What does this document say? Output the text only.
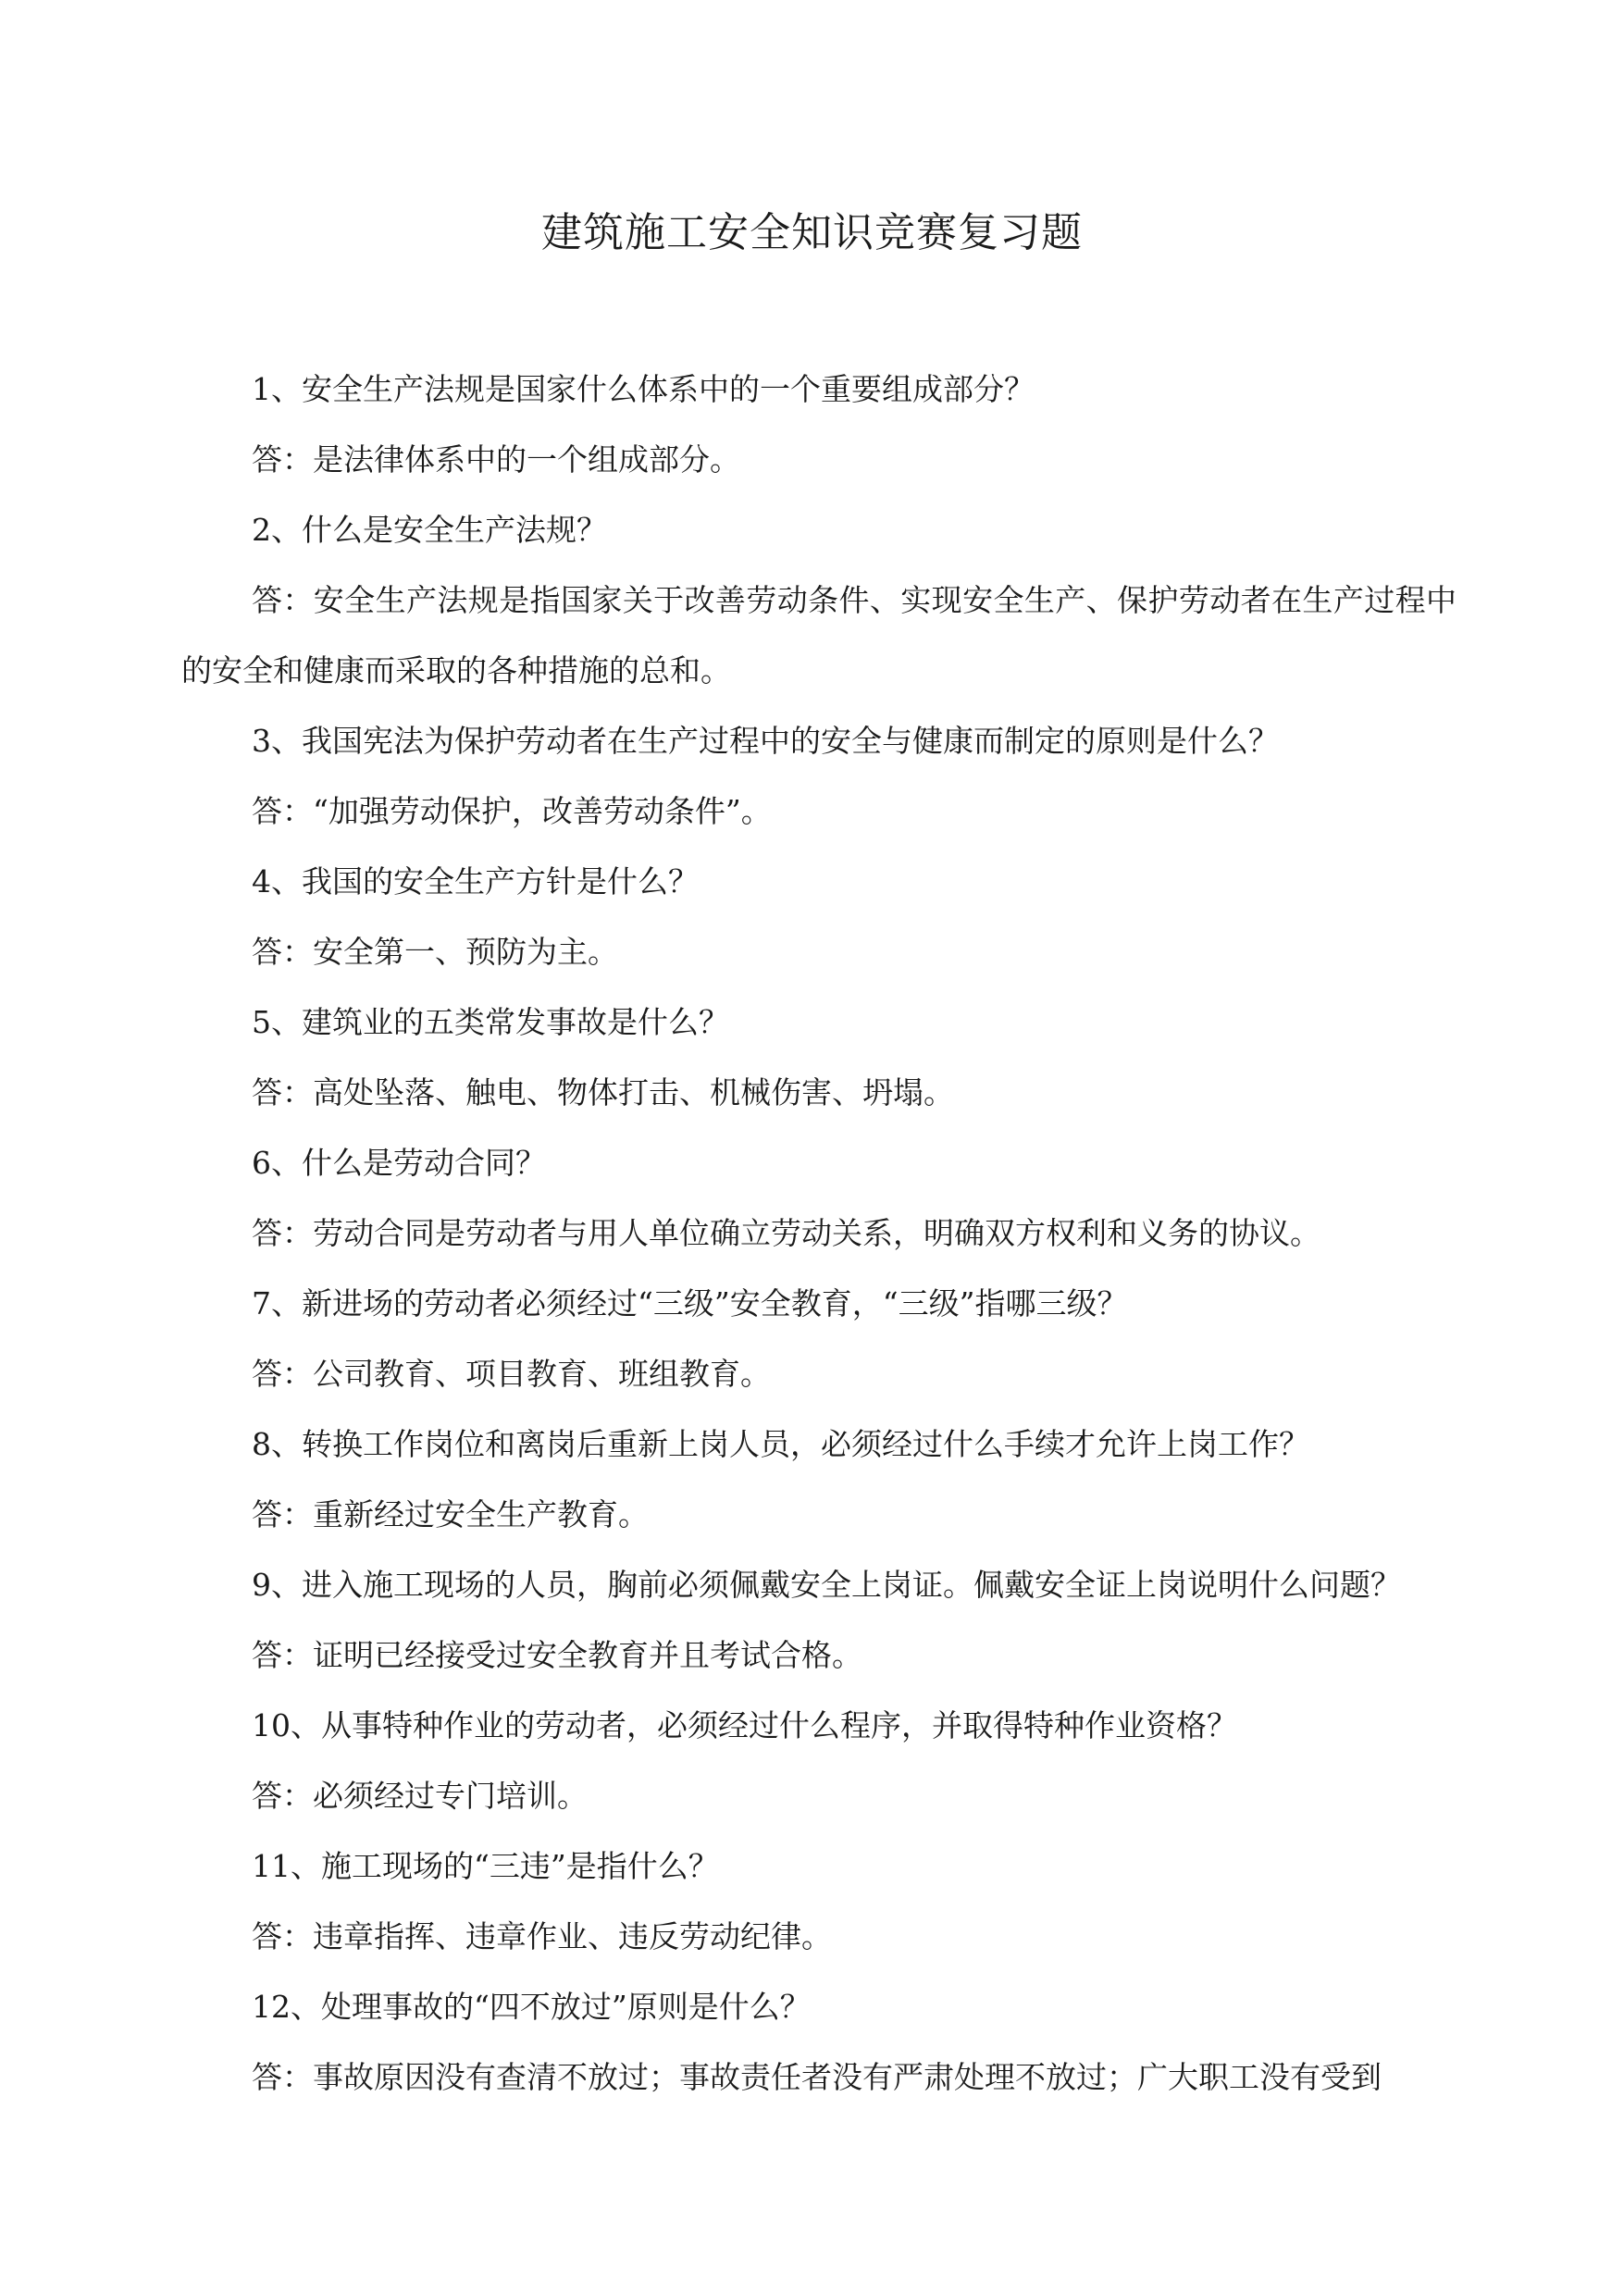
建筑施工安全知识竞赛复习题

1、安全生产法规是国家什么体系中的一个重要组成部分？

答：是法律体系中的一个组成部分。

2、什么是安全生产法规？

答：安全生产法规是指国家关于改善劳动条件、实现安全生产、保护劳动者在生产过程中的安全和健康而采取的各种措施的总和。

3、我国宪法为保护劳动者在生产过程中的安全与健康而制定的原则是什么？

答：“加强劳动保护，改善劳动条件”。

4、我国的安全生产方针是什么？

答：安全第一、预防为主。

5、建筑业的五类常发事故是什么？

答：高处坠落、触电、物体打击、机械伤害、坍塌。

6、什么是劳动合同？

答：劳动合同是劳动者与用人单位确立劳动关系，明确双方权利和义务的协议。

7、新进场的劳动者必须经过“三级”安全教育，“三级”指哪三级？

答：公司教育、项目教育、班组教育。

8、转换工作岗位和离岗后重新上岗人员，必须经过什么手续才允许上岗工作？

答：重新经过安全生产教育。

9、进入施工现场的人员，胸前必须佩戴安全上岗证。佩戴安全证上岗说明什么问题？

答：证明已经接受过安全教育并且考试合格。

10、从事特种作业的劳动者，必须经过什么程序，并取得特种作业资格？

答：必须经过专门培训。

11、施工现场的“三违”是指什么？

答：违章指挥、违章作业、违反劳动纪律。

12、处理事故的“四不放过”原则是什么？

答：事故原因没有查清不放过；事故责任者没有严肃处理不放过；广大职工没有受到
